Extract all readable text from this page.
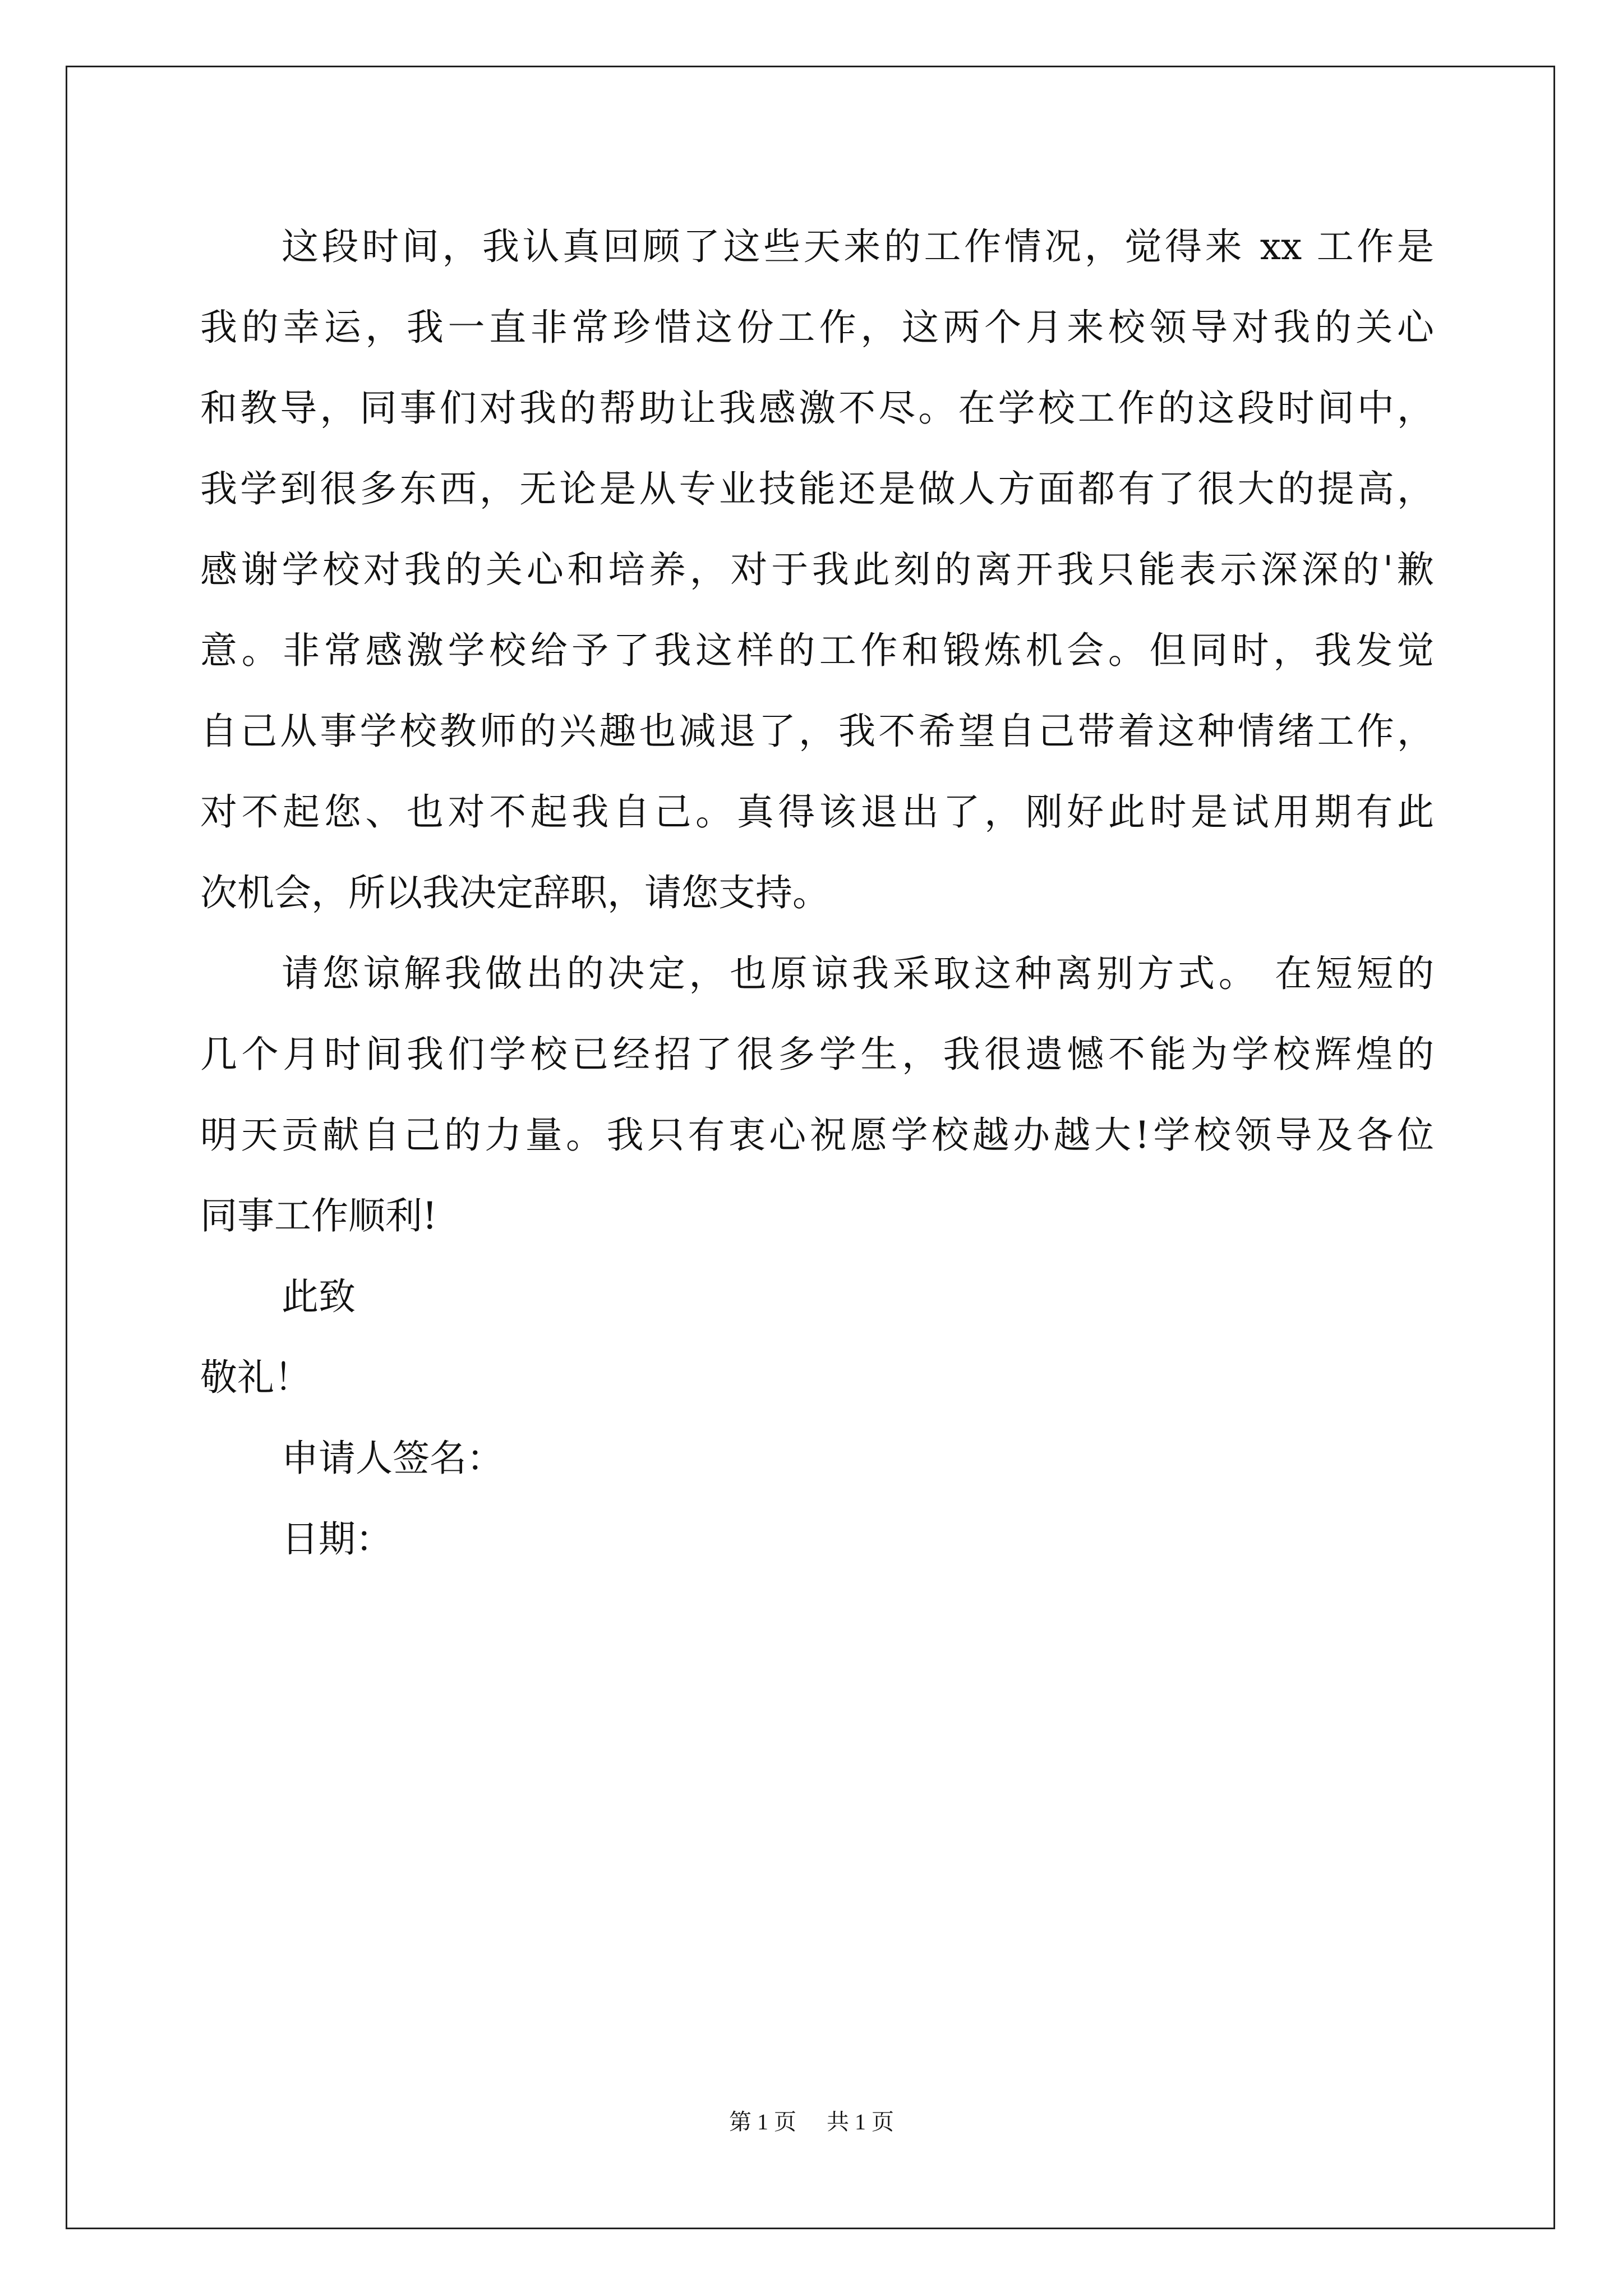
这段时间，我认真回顾了这些天来的工作情况，觉得来 xx 工作是
我的幸运，我一直非常珍惜这份工作，这两个月来校领导对我的关心
和教导，同事们对我的帮助让我感激不尽。在学校工作的这段时间中，
我学到很多东西，无论是从专业技能还是做人方面都有了很大的提高，
感谢学校对我的关心和培养，对于我此刻的离开我只能表示深深的'歉
意。非常感激学校给予了我这样的工作和锻炼机会。但同时，我发觉
自己从事学校教师的兴趣也减退了，我不希望自己带着这种情绪工作，
对不起您、也对不起我自己。真得该退出了，刚好此时是试用期有此
次机会，所以我决定辞职，请您支持。

请您谅解我做出的决定，也原谅我采取这种离别方式。 在短短的
几个月时间我们学校已经招了很多学生，我很遗憾不能为学校辉煌的
明天贡献自己的力量。我只有衷心祝愿学校越办越大!学校领导及各位
同事工作顺利!

此致

敬礼！

申请人签名：
日期：

第 1 页 共 1 页
